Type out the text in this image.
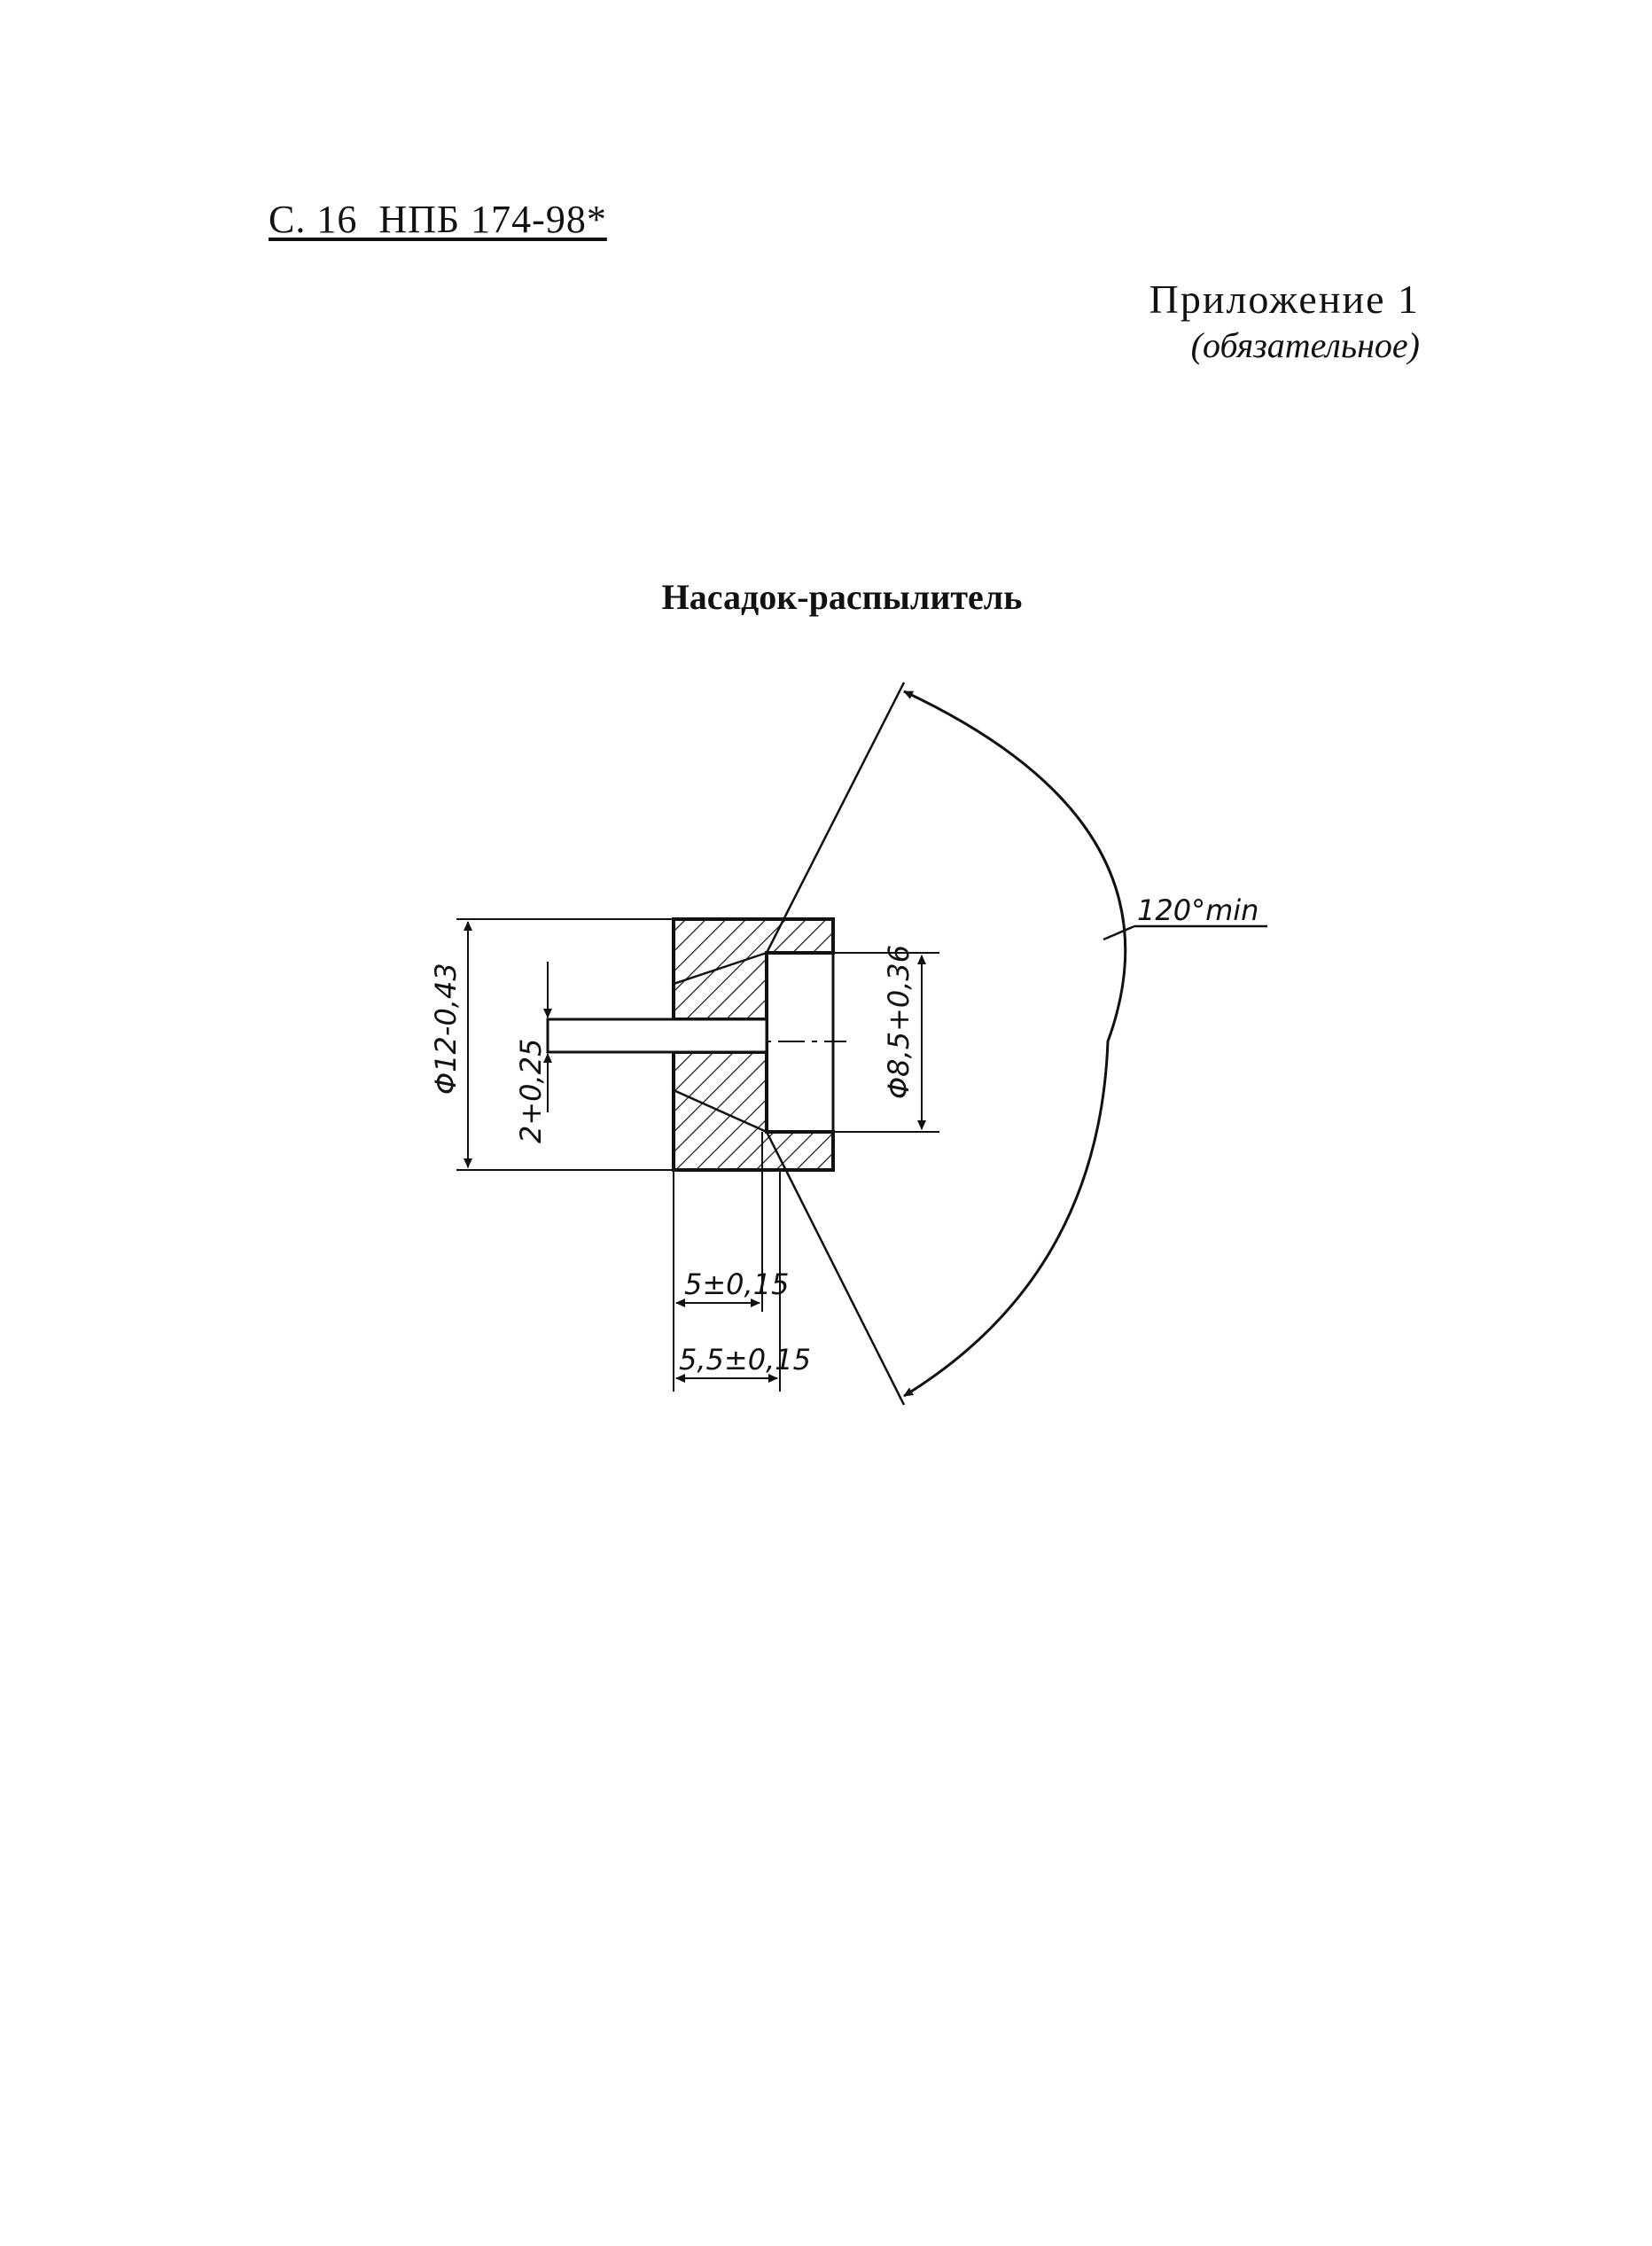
С. 16  НПБ 174-98*
Приложение 1
(обязательное)
Насадок-распылитель
120°min
Φ12-0,43 2+0,25	Φ8,5+0,36
5±0,15
5,5±0,15
